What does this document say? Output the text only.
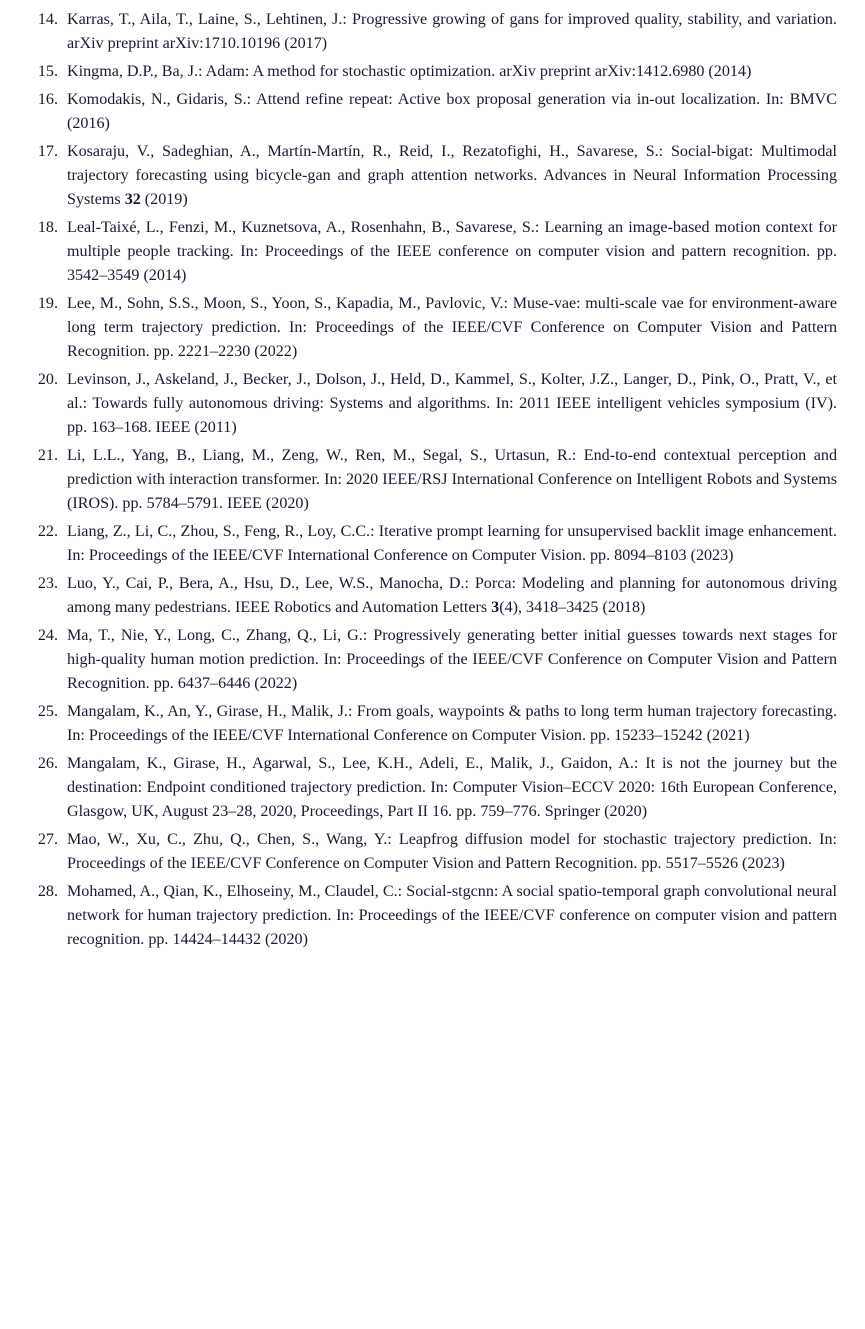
14. Karras, T., Aila, T., Laine, S., Lehtinen, J.: Progressive growing of gans for improved quality, stability, and variation. arXiv preprint arXiv:1710.10196 (2017)
15. Kingma, D.P., Ba, J.: Adam: A method for stochastic optimization. arXiv preprint arXiv:1412.6980 (2014)
16. Komodakis, N., Gidaris, S.: Attend refine repeat: Active box proposal generation via in-out localization. In: BMVC (2016)
17. Kosaraju, V., Sadeghian, A., Martín-Martín, R., Reid, I., Rezatofighi, H., Savarese, S.: Social-bigat: Multimodal trajectory forecasting using bicycle-gan and graph attention networks. Advances in Neural Information Processing Systems 32 (2019)
18. Leal-Taixé, L., Fenzi, M., Kuznetsova, A., Rosenhahn, B., Savarese, S.: Learning an image-based motion context for multiple people tracking. In: Proceedings of the IEEE conference on computer vision and pattern recognition. pp. 3542–3549 (2014)
19. Lee, M., Sohn, S.S., Moon, S., Yoon, S., Kapadia, M., Pavlovic, V.: Muse-vae: multi-scale vae for environment-aware long term trajectory prediction. In: Proceedings of the IEEE/CVF Conference on Computer Vision and Pattern Recognition. pp. 2221–2230 (2022)
20. Levinson, J., Askeland, J., Becker, J., Dolson, J., Held, D., Kammel, S., Kolter, J.Z., Langer, D., Pink, O., Pratt, V., et al.: Towards fully autonomous driving: Systems and algorithms. In: 2011 IEEE intelligent vehicles symposium (IV). pp. 163–168. IEEE (2011)
21. Li, L.L., Yang, B., Liang, M., Zeng, W., Ren, M., Segal, S., Urtasun, R.: End-to-end contextual perception and prediction with interaction transformer. In: 2020 IEEE/RSJ International Conference on Intelligent Robots and Systems (IROS). pp. 5784–5791. IEEE (2020)
22. Liang, Z., Li, C., Zhou, S., Feng, R., Loy, C.C.: Iterative prompt learning for unsupervised backlit image enhancement. In: Proceedings of the IEEE/CVF International Conference on Computer Vision. pp. 8094–8103 (2023)
23. Luo, Y., Cai, P., Bera, A., Hsu, D., Lee, W.S., Manocha, D.: Porca: Modeling and planning for autonomous driving among many pedestrians. IEEE Robotics and Automation Letters 3(4), 3418–3425 (2018)
24. Ma, T., Nie, Y., Long, C., Zhang, Q., Li, G.: Progressively generating better initial guesses towards next stages for high-quality human motion prediction. In: Proceedings of the IEEE/CVF Conference on Computer Vision and Pattern Recognition. pp. 6437–6446 (2022)
25. Mangalam, K., An, Y., Girase, H., Malik, J.: From goals, waypoints & paths to long term human trajectory forecasting. In: Proceedings of the IEEE/CVF International Conference on Computer Vision. pp. 15233–15242 (2021)
26. Mangalam, K., Girase, H., Agarwal, S., Lee, K.H., Adeli, E., Malik, J., Gaidon, A.: It is not the journey but the destination: Endpoint conditioned trajectory prediction. In: Computer Vision–ECCV 2020: 16th European Conference, Glasgow, UK, August 23–28, 2020, Proceedings, Part II 16. pp. 759–776. Springer (2020)
27. Mao, W., Xu, C., Zhu, Q., Chen, S., Wang, Y.: Leapfrog diffusion model for stochastic trajectory prediction. In: Proceedings of the IEEE/CVF Conference on Computer Vision and Pattern Recognition. pp. 5517–5526 (2023)
28. Mohamed, A., Qian, K., Elhoseiny, M., Claudel, C.: Social-stgcnn: A social spatio-temporal graph convolutional neural network for human trajectory prediction. In: Proceedings of the IEEE/CVF conference on computer vision and pattern recognition. pp. 14424–14432 (2020)
